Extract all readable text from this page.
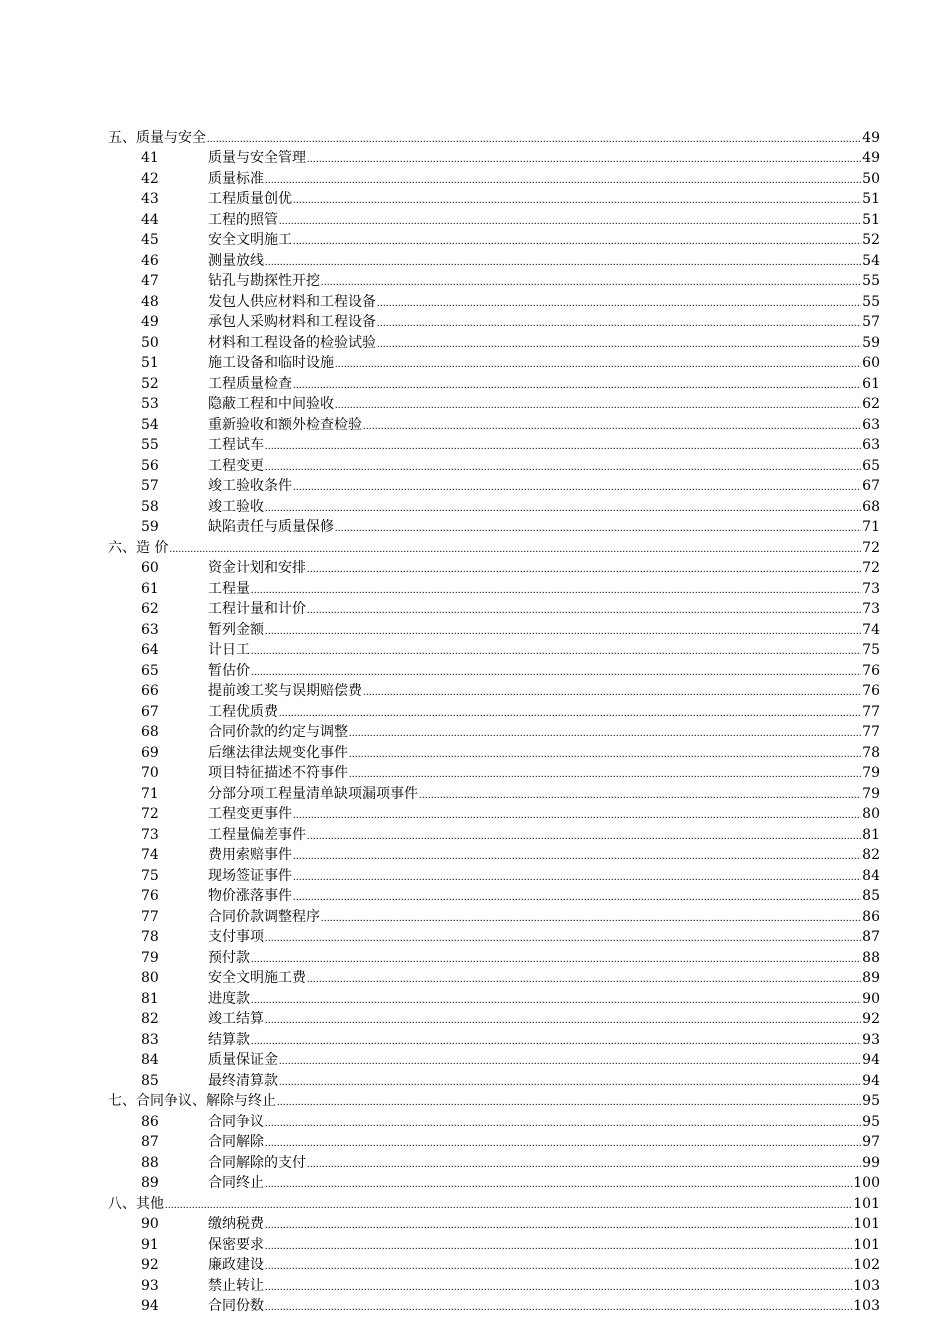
五、质量与安全 .....	49
41	质量与安全管理 .....	49
42	质量标准 .....	50
43	工程质量创优 .....	51
44	工程的照管 .....	51
45	安全文明施工 .....	52
46	测量放线 .....	54
47	钻孔与勘探性开挖 .....	55
48	发包人供应材料和工程设备 .....	55
49	承包人采购材料和工程设备 .....	57
50	材料和工程设备的检验试验 .....	59
51	施工设备和临时设施 .....	60
52	工程质量检查 .....	61
53	隐蔽工程和中间验收 .....	62
54	重新验收和额外检查检验 .....	63
55	工程试车 .....	63
56	工程变更 .....	65
57	竣工验收条件 .....	67
58	竣工验收 .....	68
59	缺陷责任与质量保修 .....	71
六、造 价 .....	72
60	资金计划和安排 .....	72
61	工程量 .....	73
62	工程计量和计价 .....	73
63	暂列金额 .....	74
64	计日工 .....	75
65	暂估价 .....	76
66	提前竣工奖与误期赔偿费 .....	76
67	工程优质费 .....	77
68	合同价款的约定与调整 .....	77
69	后继法律法规变化事件 .....	78
70	项目特征描述不符事件 .....	79
71	分部分项工程量清单缺项漏项事件 .....	79
72	工程变更事件 .....	80
73	工程量偏差事件 .....	81
74	费用索赔事件 .....	82
75	现场签证事件 .....	84
76	物价涨落事件 .....	85
77	合同价款调整程序 .....	86
78	支付事项 .....	87
79	预付款 .....	88
80	安全文明施工费 .....	89
81	进度款 .....	90
82	竣工结算 .....	92
83	结算款 .....	93
84	质量保证金 .....	94
85	最终清算款 .....	94
七、合同争议、解除与终止 .....	95
86	合同争议 .....	95
87	合同解除 .....	97
88	合同解除的支付 .....	99
89	合同终止 .....	100
八、其他 .....	101
90	缴纳税费 .....	101
91	保密要求 .....	101
92	廉政建设 .....	102
93	禁止转让 .....	103
94	合同份数 .....	103
